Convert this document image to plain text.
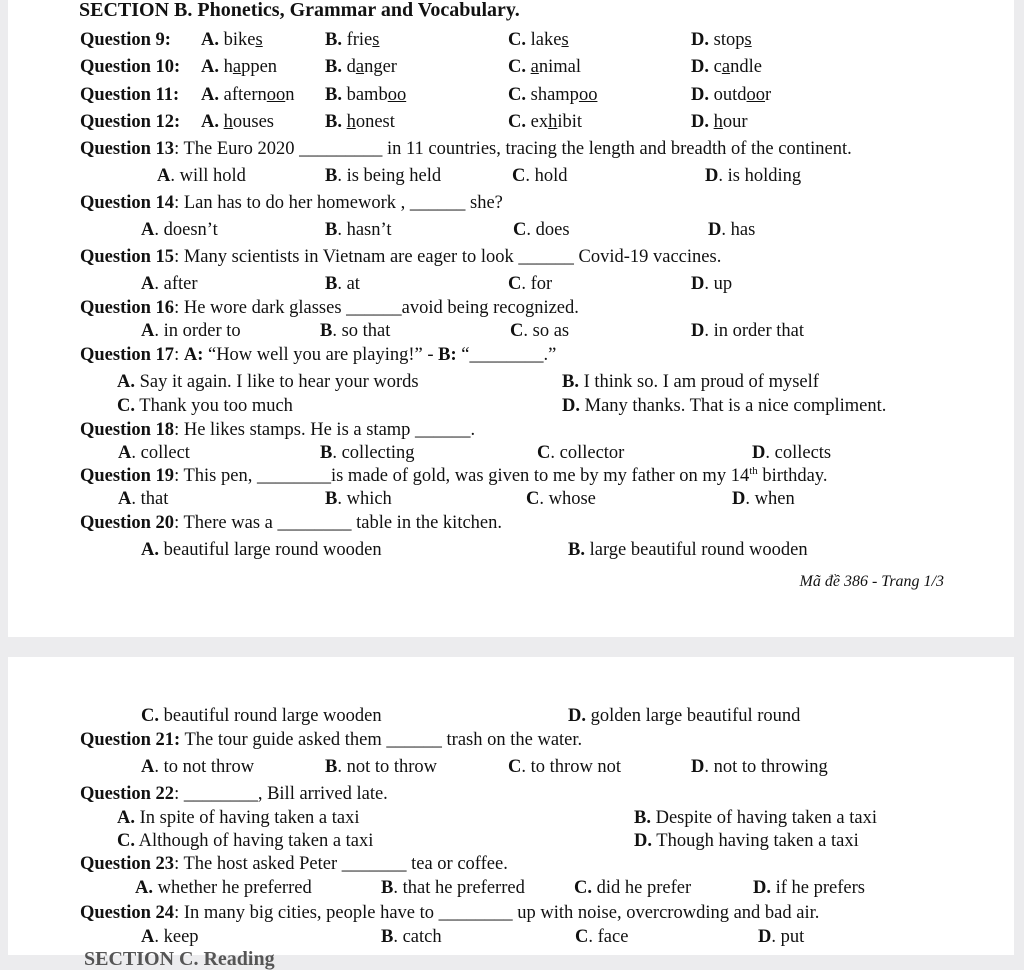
SECTION B. Phonetics, Grammar and Vocabulary.
Question 9: A. bikes	B. fries	C. lakes	D. stops
Question 10: A. happen	B. danger	C. animal	D. candle
Question 11: A. afternoon B. bamboo	C. shampoo	D. outdoor
Question 12: A. houses	B. honest	C. exhibit	D. hour
Question 13: The Euro 2020 _________ in 11 countries, tracing the length and breadth of the continent.
A. will hold	B. is being held	C. hold	D. is holding
Question 14: Lan has to do her homework , ______ she?
A. doesn’t	B. hasn’t	C. does	D. has
Question 15: Many scientists in Vietnam are eager to look ______ Covid-19 vaccines.
A. after	B. at	C. for	D. up
Question 16: He wore dark glasses ______avoid being recognized.
A. in order to	B. so that	C. so as	D. in order that
Question 17: A: “How well you are playing!” - B: “________.”
A. Say it again. I like to hear your words	B. I think so. I am proud of myself
C. Thank you too much	D. Many thanks. That is a nice compliment.
Question 18: He likes stamps. He is a stamp ______.
A. collect	B. collecting	C. collector	D. collects
Question 19: This pen, ________is made of gold, was given to me by my father on my 14th birthday.
A. that	B. which	C. whose	D. when
Question 20: There was a ________ table in the kitchen.
A. beautiful large round wooden	B. large beautiful round wooden
C. beautiful round large wooden	D. golden large beautiful round
Mã đề 386 - Trang 1/3
Question 21: The tour guide asked them ______ trash on the water.
A. to not throw	B. not to throw	C. to throw not	D. not to throwing
Question 22: ________, Bill arrived late.
A. In spite of having taken a taxi	B. Despite of having taken a taxi
C. Although of having taken a taxi	D. Though having taken a taxi
Question 23: The host asked Peter _______ tea or coffee.
A. whether he preferred	B. that he preferred	C. did he prefer	D. if he prefers
Question 24: In many big cities, people have to ________ up with noise, overcrowding and bad air.
A. keep	B. catch	C. face	D. put
SECTION C. Reading
